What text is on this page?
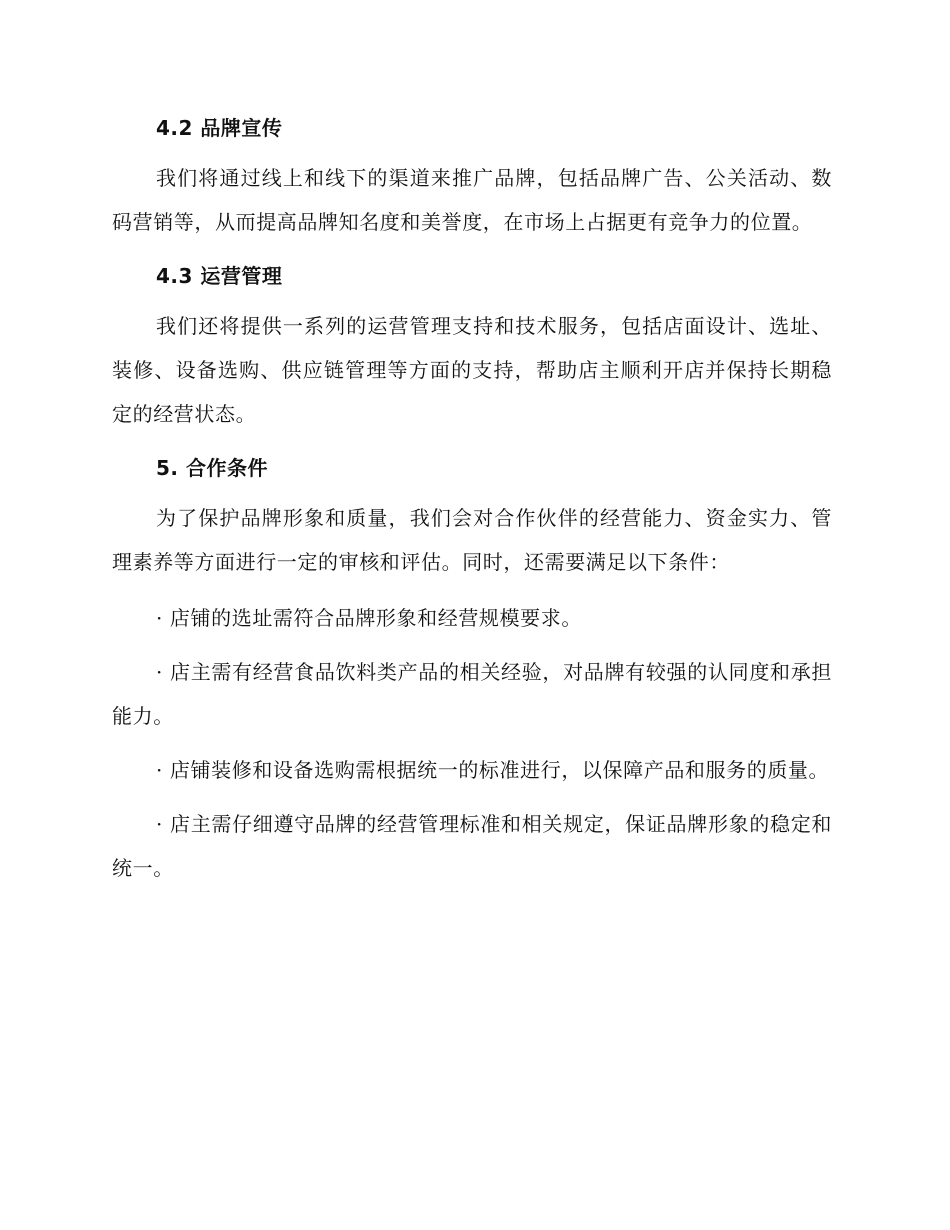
4.2 品牌宣传

我们将通过线上和线下的渠道来推广品牌，包括品牌广告、公关活动、数码营销等，从而提高品牌知名度和美誉度，在市场上占据更有竞争力的位置。

4.3 运营管理

我们还将提供一系列的运营管理支持和技术服务，包括店面设计、选址、装修、设备选购、供应链管理等方面的支持，帮助店主顺利开店并保持长期稳定的经营状态。

5. 合作条件

为了保护品牌形象和质量，我们会对合作伙伴的经营能力、资金实力、管理素养等方面进行一定的审核和评估。同时，还需要满足以下条件：

· 店铺的选址需符合品牌形象和经营规模要求。

· 店主需有经营食品饮料类产品的相关经验，对品牌有较强的认同度和承担能力。

· 店铺装修和设备选购需根据统一的标准进行，以保障产品和服务的质量。

· 店主需仔细遵守品牌的经营管理标准和相关规定，保证品牌形象的稳定和统一。
